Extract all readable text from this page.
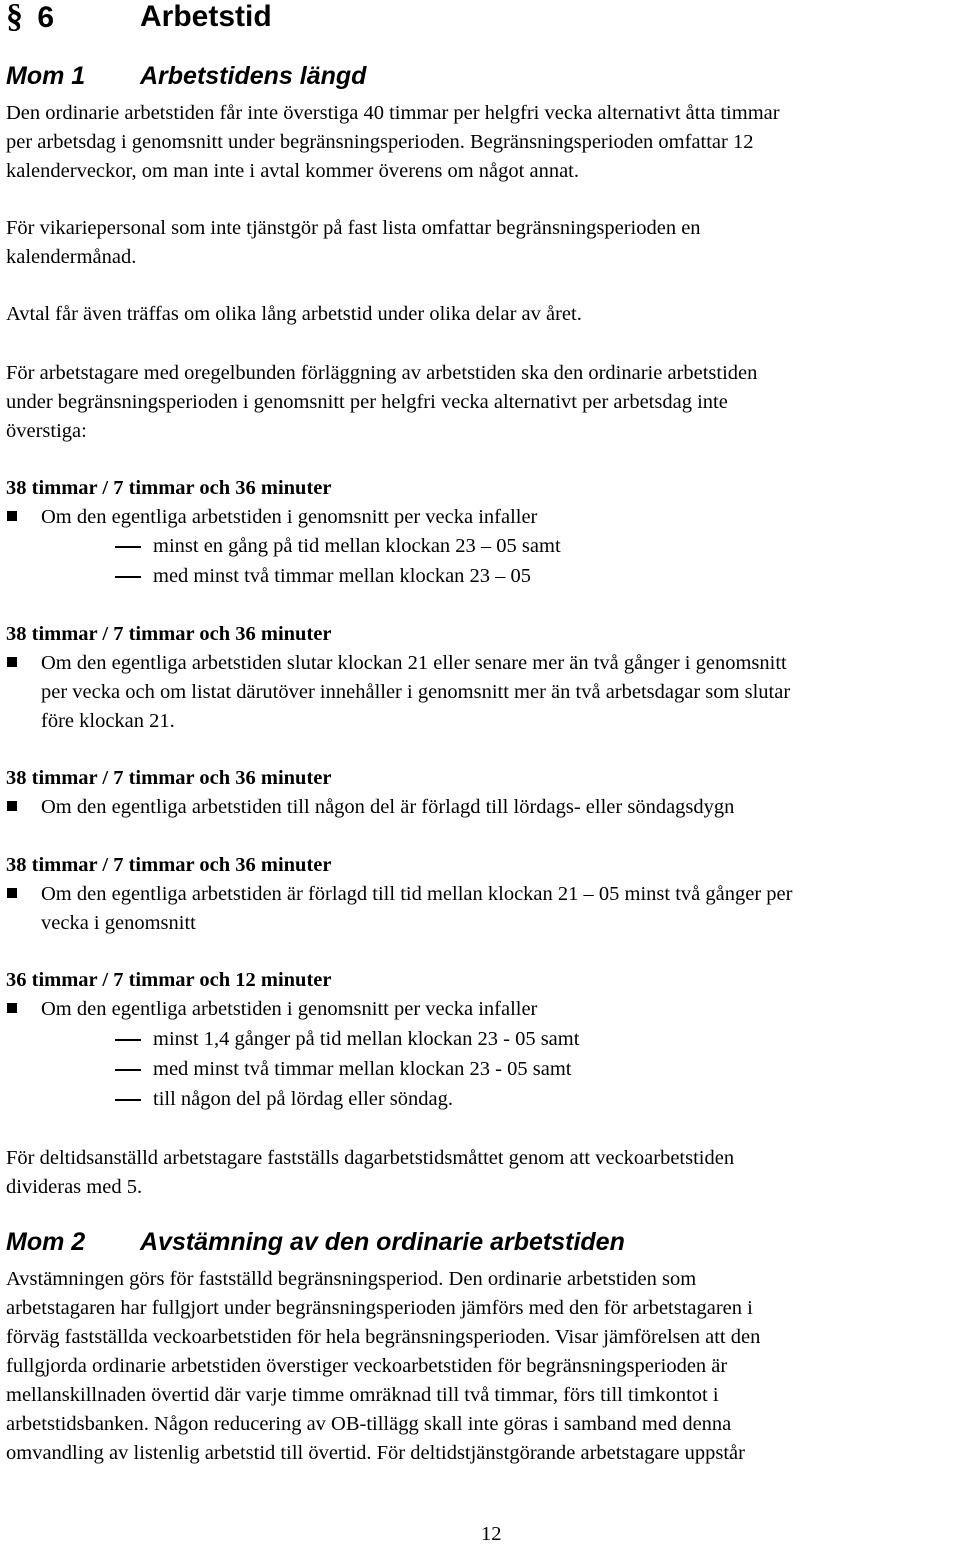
§ 6	Arbetstid
Mom 1 Arbetstidens längd
Den ordinarie arbetstiden får inte överstiga 40 timmar per helgfri vecka alternativt åtta timmar
per arbetsdag i genomsnitt under begränsningsperioden. Begränsningsperioden omfattar 12
kalenderveckor, om man inte i avtal kommer överens om något annat.
För vikariepersonal som inte tjänstgör på fast lista omfattar begränsningsperioden en
kalendermånad.
Avtal får även träffas om olika lång arbetstid under olika delar av året.
För arbetstagare med oregelbunden förläggning av arbetstiden ska den ordinarie arbetstiden
under begränsningsperioden i genomsnitt per helgfri vecka alternativt per arbetsdag inte
överstiga:
38 timmar / 7 timmar och 36 minuter
Om den egentliga arbetstiden i genomsnitt per vecka infaller
minst en gång på tid mellan klockan 23 – 05 samt
med minst två timmar mellan klockan 23 – 05
38 timmar / 7 timmar och 36 minuter
Om den egentliga arbetstiden slutar klockan 21 eller senare mer än två gånger i genomsnitt
per vecka och om listat därutöver innehåller i genomsnitt mer än två arbetsdagar som slutar
före klockan 21.
38 timmar / 7 timmar och 36 minuter
Om den egentliga arbetstiden till någon del är förlagd till lördags- eller söndagsdygn
38 timmar / 7 timmar och 36 minuter
Om den egentliga arbetstiden är förlagd till tid mellan klockan 21 – 05 minst två gånger per
vecka i genomsnitt
36 timmar / 7 timmar och 12 minuter
Om den egentliga arbetstiden i genomsnitt per vecka infaller
minst 1,4 gånger på tid mellan klockan 23 - 05 samt
med minst två timmar mellan klockan 23 - 05 samt
till någon del på lördag eller söndag.
För deltidsanställd arbetstagare fastställs dagarbetstidsmåttet genom att veckoarbetstiden
divideras med 5.
Mom 2 Avstämning av den ordinarie arbetstiden
Avstämningen görs för fastställd begränsningsperiod. Den ordinarie arbetstiden som
arbetstagaren har fullgjort under begränsningsperioden jämförs med den för arbetstagaren i
förväg fastställda veckoarbetstiden för hela begränsningsperioden. Visar jämförelsen att den
fullgjorda ordinarie arbetstiden överstiger veckoarbetstiden för begränsningsperioden är
mellanskillnaden övertid där varje timme omräknad till två timmar, förs till timkontot i
arbetstidsbanken. Någon reducering av OB-tillägg skall inte göras i samband med denna
omvandling av listenlig arbetstid till övertid. För deltidstjänstgörande arbetstagare uppstår
12
